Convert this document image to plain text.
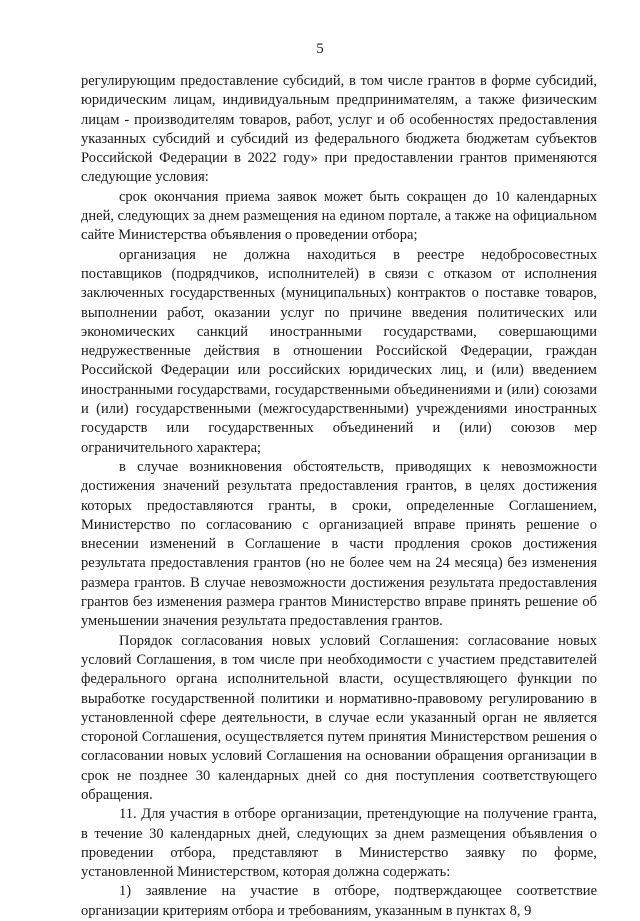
5

регулирующим предоставление субсидий, в том числе грантов в форме субсидий, юридическим лицам, индивидуальным предпринимателям, а также физическим лицам - производителям товаров, работ, услуг и об особенностях предоставления указанных субсидий и субсидий из федерального бюджета бюджетам субъектов Российской Федерации в 2022 году» при предоставлении грантов применяются следующие условия:

срок окончания приема заявок может быть сокращен до 10 календарных дней, следующих за днем размещения на едином портале, а также на официальном сайте Министерства объявления о проведении отбора;

организация не должна находиться в реестре недобросовестных поставщиков (подрядчиков, исполнителей) в связи с отказом от исполнения заключенных государственных (муниципальных) контрактов о поставке товаров, выполнении работ, оказании услуг по причине введения политических или экономических санкций иностранными государствами, совершающими недружественные действия в отношении Российской Федерации, граждан Российской Федерации или российских юридических лиц, и (или) введением иностранными государствами, государственными объединениями и (или) союзами и (или) государственными (межгосударственными) учреждениями иностранных государств или государственных объединений и (или) союзов мер ограничительного характера;

в случае возникновения обстоятельств, приводящих к невозможности достижения значений результата предоставления грантов, в целях достижения которых предоставляются гранты, в сроки, определенные Соглашением, Министерство по согласованию с организацией вправе принять решение о внесении изменений в Соглашение в части продления сроков достижения результата предоставления грантов (но не более чем на 24 месяца) без изменения размера грантов. В случае невозможности достижения результата предоставления грантов без изменения размера грантов Министерство вправе принять решение об уменьшении значения результата предоставления грантов.

Порядок согласования новых условий Соглашения: согласование новых условий Соглашения, в том числе при необходимости с участием представителей федерального органа исполнительной власти, осуществляющего функции по выработке государственной политики и нормативно-правовому регулированию в установленной сфере деятельности, в случае если указанный орган не является стороной Соглашения, осуществляется путем принятия Министерством решения о согласовании новых условий Соглашения на основании обращения организации в срок не позднее 30 календарных дней со дня поступления соответствующего обращения.

11. Для участия в отборе организации, претендующие на получение гранта, в течение 30 календарных дней, следующих за днем размещения объявления о проведении отбора, представляют в Министерство заявку по форме, установленной Министерством, которая должна содержать:

1) заявление на участие в отборе, подтверждающее соответствие организации критериям отбора и требованиям, указанным в пунктах 8, 9
